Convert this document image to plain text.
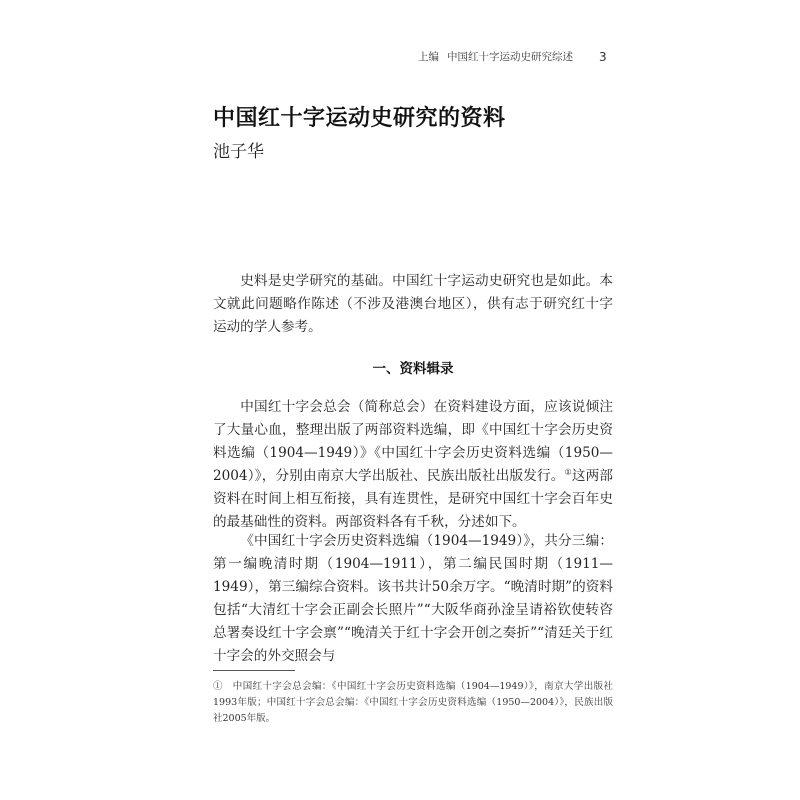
上编 中国红十字运动史研究综述 3
中国红十字运动史研究的资料
池子华

史料是史学研究的基础。中国红十字运动史研究也是如此。本文就此问题略作陈述（不涉及港澳台地区），供有志于研究红十字运动的学人参考。

一、资料辑录

中国红十字会总会（简称总会）在资料建设方面，应该说倾注了大量心血，整理出版了两部资料选编，即《中国红十字会历史资料选编（1904—1949）》《中国红十字会历史资料选编（1950—2004）》，分别由南京大学出版社、民族出版社出版发行。①这两部资料在时间上相互衔接，具有连贯性，是研究中国红十字会百年史的最基础性的资料。两部资料各有千秋，分述如下。

《中国红十字会历史资料选编（1904—1949）》，共分三编：第一编晚清时期（1904—1911），第二编民国时期（1911—1949），第三编综合资料。该书共计50余万字。“晚清时期”的资料包括“大清红十字会正副会长照片”“大阪华商孙淦呈请裕钦使转咨总署奏设红十字会禀”“晚清关于红十字会开创之奏折”“清廷关于红十字会的外交照会与

①　中国红十字会总会编：《中国红十字会历史资料选编（1904—1949）》，南京大学出版社1993年版；中国红十字会总会编：《中国红十字会历史资料选编（1950—2004）》，民族出版社2005年版。
